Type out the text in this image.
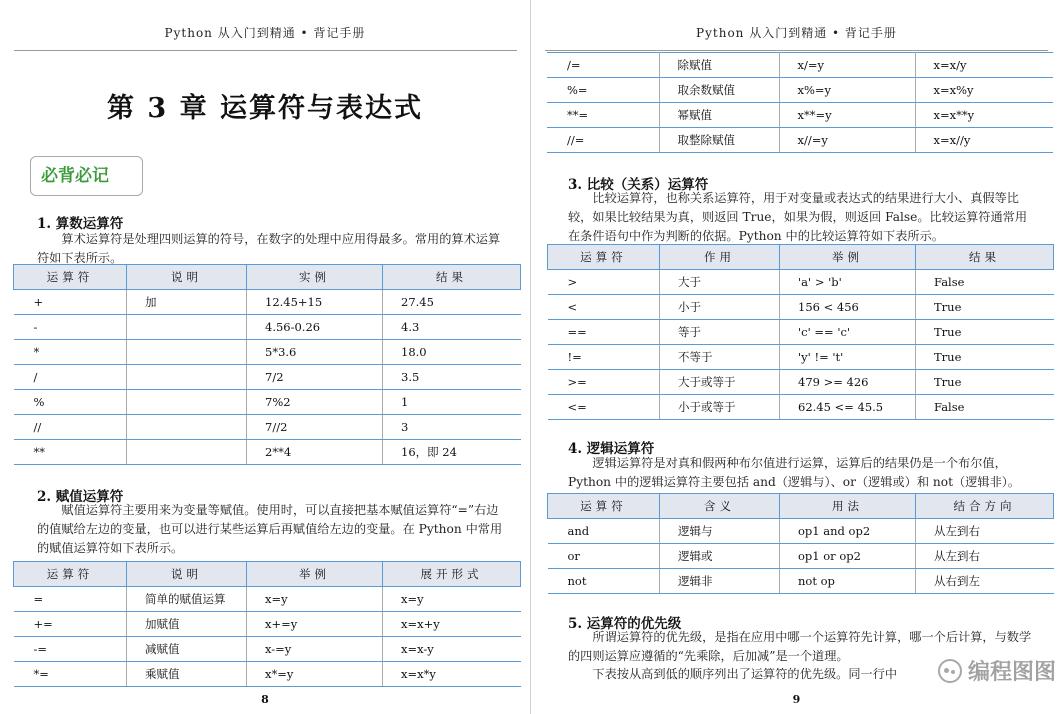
Python 从入门到精通 • 背记手册
第 3 章 运算符与表达式
必背必记
1. 算数运算符
算术运算符是处理四则运算的符号，在数字的处理中应用得最多。常用的算术运算符如下表所示。
运算符	说明	实例	结果
+	加	12.45+15	27.45
-		4.56-0.26	4.3
*		5*3.6	18.0
/		7/2	3.5
%		7%2	1
//		7//2	3
**		2**4	16，即 24
2. 赋值运算符
赋值运算符主要用来为变量等赋值。使用时，可以直接把基本赋值运算符“=”右边的值赋给左边的变量，也可以进行某些运算后再赋值给左边的变量。在 Python 中常用的赋值运算符如下表所示。
运算符	说明	举例	展开形式
=	简单的赋值运算	x=y	x=y
+=	加赋值	x+=y	x=x+y
-=	减赋值	x-=y	x=x-y
*=	乘赋值	x*=y	x=x*y
8
Python 从入门到精通 • 背记手册
/=	除赋值	x/=y	x=x/y
%=	取余数赋值	x%=y	x=x%y
**=	幂赋值	x**=y	x=x**y
//=	取整除赋值	x//=y	x=x//y
3. 比较（关系）运算符
比较运算符，也称关系运算符，用于对变量或表达式的结果进行大小、真假等比较，如果比较结果为真，则返回 True，如果为假，则返回 False。比较运算符通常用在条件语句中作为判断的依据。Python 中的比较运算符如下表所示。
运算符	作用	举例	结果
>	大于	'a' > 'b'	False
<	小于	156 < 456	True
==	等于	'c' == 'c'	True
!=	不等于	'y' != 't'	True
>=	大于或等于	479 >= 426	True
<=	小于或等于	62.45 <= 45.5	False
4. 逻辑运算符
逻辑运算符是对真和假两种布尔值进行运算，运算后的结果仍是一个布尔值，Python 中的逻辑运算符主要包括 and（逻辑与）、or（逻辑或）和 not（逻辑非）。
运算符	含义	用法	结合方向
and	逻辑与	op1 and op2	从左到右
or	逻辑或	op1 or op2	从左到右
not	逻辑非	not op	从右到左
5. 运算符的优先级
所谓运算符的优先级，是指在应用中哪一个运算符先计算，哪一个后计算，与数学的四则运算应遵循的“先乘除，后加减”是一个道理。
下表按从高到低的顺序列出了运算符的优先级。同一行中	编程图图
9
